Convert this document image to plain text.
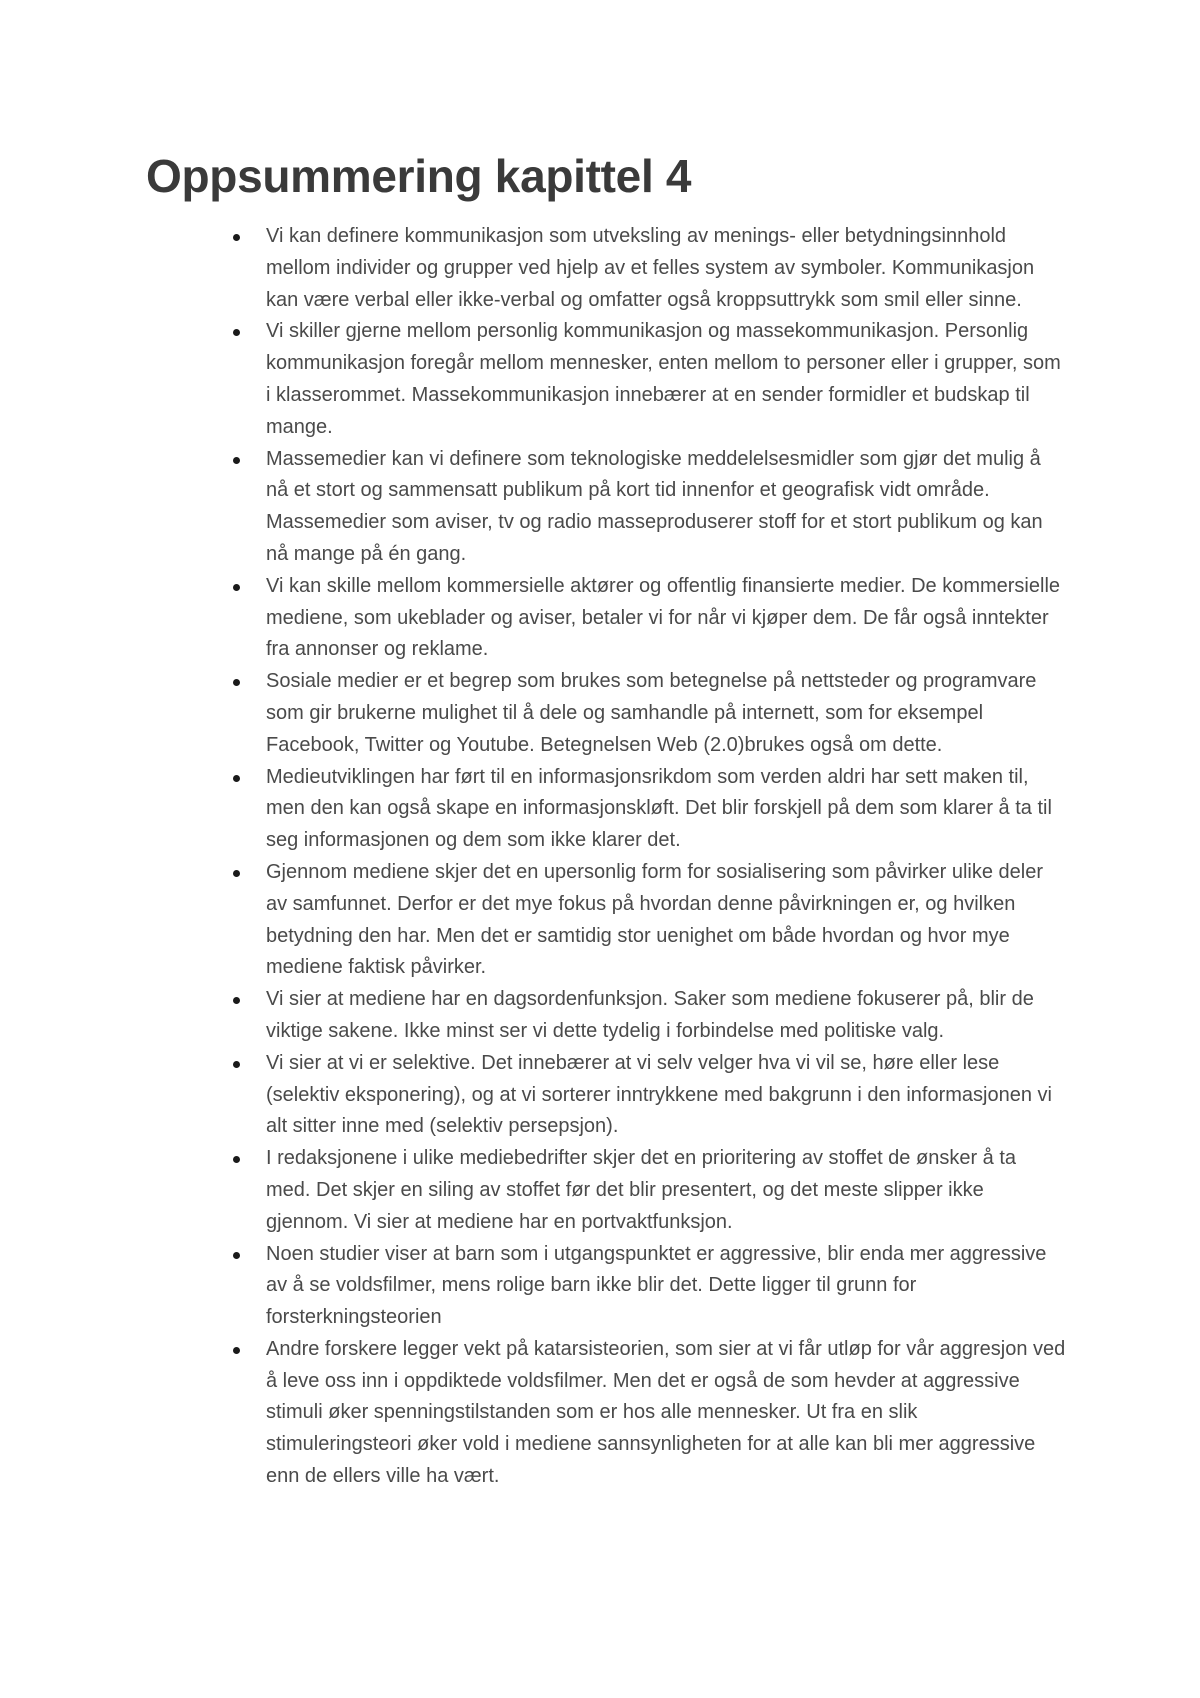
Oppsummering kapittel 4
Vi kan definere kommunikasjon som utveksling av menings- eller betydningsinnhold mellom individer og grupper ved hjelp av et felles system av symboler. Kommunikasjon kan være verbal eller ikke-verbal og omfatter også kroppsuttrykk som smil eller sinne.
Vi skiller gjerne mellom personlig kommunikasjon og massekommunikasjon. Personlig kommunikasjon foregår mellom mennesker, enten mellom to personer eller i grupper, som i klasserommet. Massekommunikasjon innebærer at en sender formidler et budskap til mange.
Massemedier kan vi definere som teknologiske meddelelsesmidler som gjør det mulig å nå et stort og sammensatt publikum på kort tid innenfor et geografisk vidt område. Massemedier som aviser, tv og radio masseproduserer stoff for et stort publikum og kan nå mange på én gang.
Vi kan skille mellom kommersielle aktører og offentlig finansierte medier. De kommersielle mediene, som ukeblader og aviser, betaler vi for når vi kjøper dem. De får også inntekter fra annonser og reklame.
Sosiale medier er et begrep som brukes som betegnelse på nettsteder og programvare som gir brukerne mulighet til å dele og samhandle på internett, som for eksempel Facebook, Twitter og Youtube. Betegnelsen Web (2.0)brukes også om dette.
Medieutviklingen har ført til en informasjonsrikdom som verden aldri har sett maken til, men den kan også skape en informasjonskløft. Det blir forskjell på dem som klarer å ta til seg informasjonen og dem som ikke klarer det.
Gjennom mediene skjer det en upersonlig form for sosialisering som påvirker ulike deler av samfunnet. Derfor er det mye fokus på hvordan denne påvirkningen er, og hvilken betydning den har. Men det er samtidig stor uenighet om både hvordan og hvor mye mediene faktisk påvirker.
Vi sier at mediene har en dagsordenfunksjon. Saker som mediene fokuserer på, blir de viktige sakene. Ikke minst ser vi dette tydelig i forbindelse med politiske valg.
Vi sier at vi er selektive. Det innebærer at vi selv velger hva vi vil se, høre eller lese (selektiv eksponering), og at vi sorterer inntrykkene med bakgrunn i den informasjonen vi alt sitter inne med (selektiv persepsjon).
I redaksjonene i ulike mediebedrifter skjer det en prioritering av stoffet de ønsker å ta med. Det skjer en siling av stoffet før det blir presentert, og det meste slipper ikke gjennom. Vi sier at mediene har en portvaktfunksjon.
Noen studier viser at barn som i utgangspunktet er aggressive, blir enda mer aggressive av å se voldsfilmer, mens rolige barn ikke blir det. Dette ligger til grunn for forsterkningsteorien
Andre forskere legger vekt på katarsisteorien, som sier at vi får utløp for vår aggresjon ved å leve oss inn i oppdiktede voldsfilmer. Men det er også de som hevder at aggressive stimuli øker spenningstilstanden som er hos alle mennesker. Ut fra en slik stimuleringsteori øker vold i mediene sannsynligheten for at alle kan bli mer aggressive enn de ellers ville ha vært.
